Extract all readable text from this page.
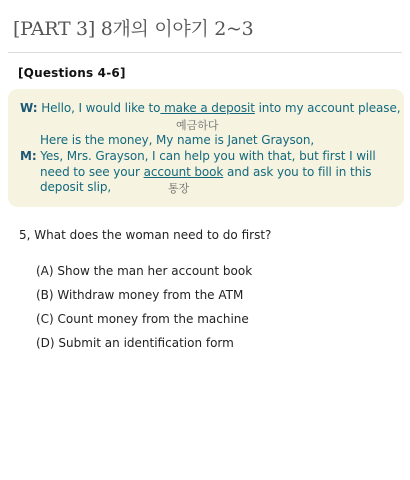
[PART 3] 8개의 이야기 2~3
[Questions 4-6]
W: Hello, I would like to make a deposit into my account please,
예금하다
Here is the money, My name is Janet Grayson,
M: Yes, Mrs. Grayson, I can help you with that, but first I will
need to see your account book and ask you to fill in this
deposit slip,	통장
5, What does the woman need to do first?
(A) Show the man her account book
(B) Withdraw money from the ATM
(C) Count money from the machine
(D) Submit an identification form
